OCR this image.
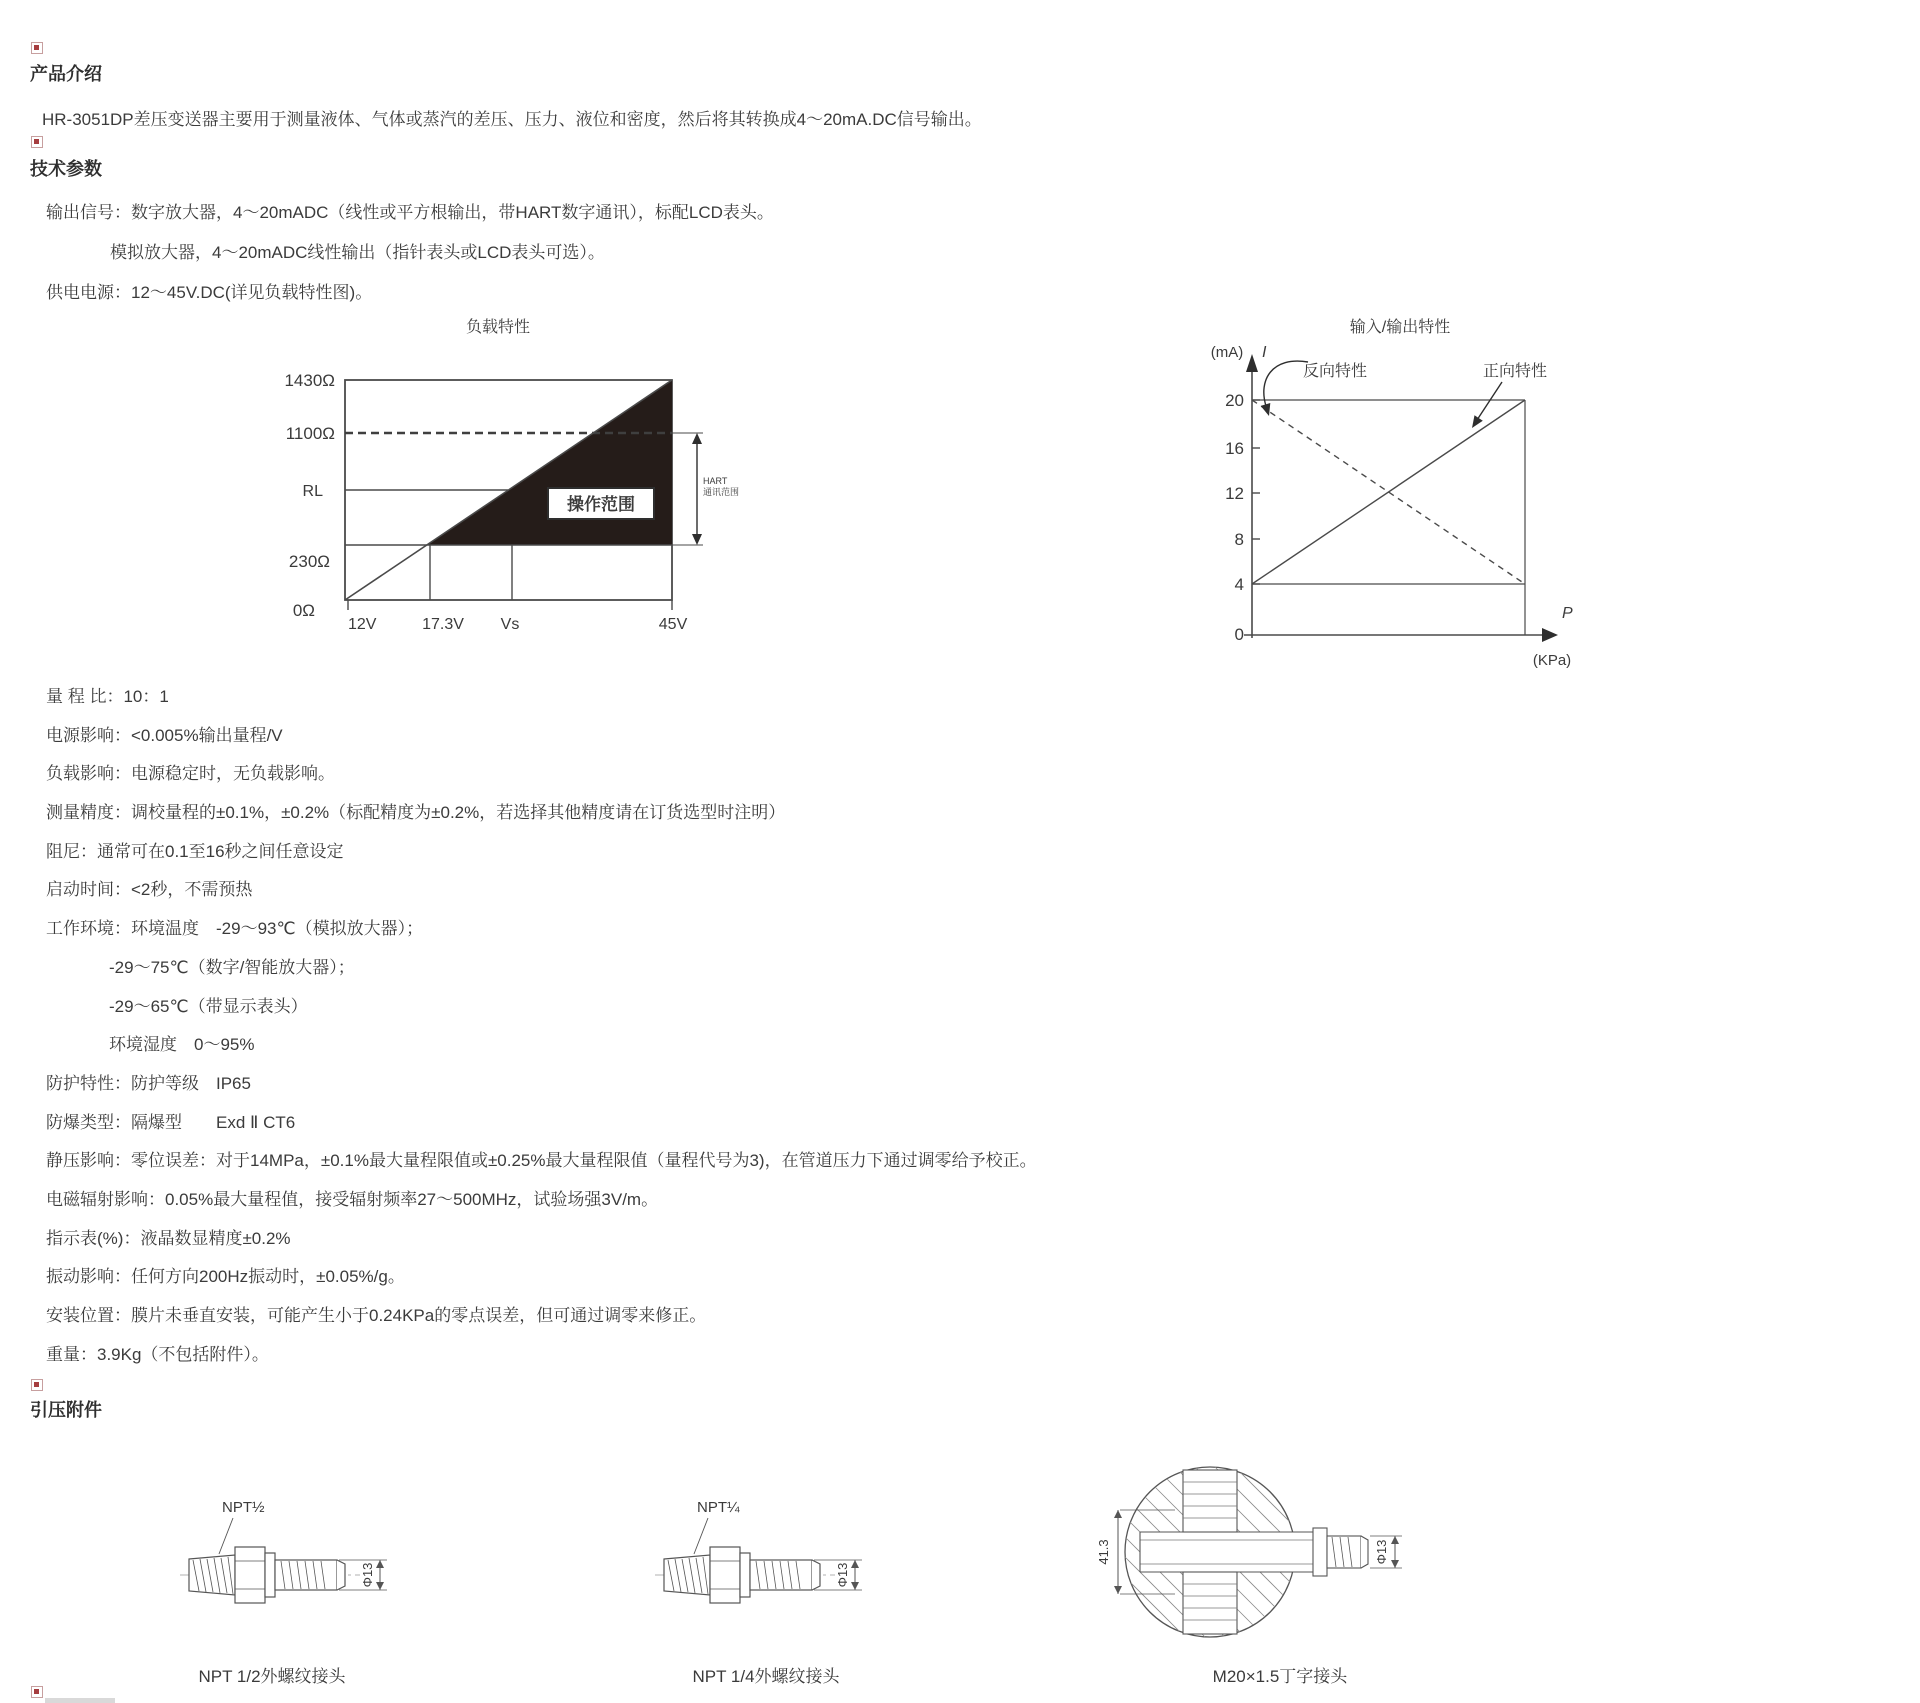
产品介绍
HR-3051DP差压变送器主要用于测量液体、气体或蒸汽的差压、压力、液位和密度，然后将其转换成4～20mA.DC信号输出。
技术参数
输出信号：数字放大器，4～20mADC（线性或平方根输出，带HART数字通讯），标配LCD表头。
模拟放大器，4～20mADC线性输出（指针表头或LCD表头可选）。
供电电源：12～45V.DC(详见负载特性图)。
负载特性
操作范围
HART
通讯范围
1430Ω
1100Ω
RL
230Ω
0Ω
12V	17.3V Vs	45V
输入/输出特性
20
16
12
8
4
0
(mA) I
P
(KPa)
反向特性	正向特性
量 程 比：10：1
电源影响：<0.005%输出量程/V
负载影响：电源稳定时，无负载影响。
测量精度：调校量程的±0.1%，±0.2%（标配精度为±0.2%，若选择其他精度请在订货选型时注明）
阻尼：通常可在0.1至16秒之间任意设定
启动时间：<2秒，不需预热
工作环境：环境温度　-29～93℃（模拟放大器）；
-29～75℃（数字/智能放大器）；
-29～65℃（带显示表头）
环境湿度　0～95%
防护特性：防护等级　IP65
防爆类型：隔爆型　　Exd Ⅱ CT6
静压影响：零位误差：对于14MPa，±0.1%最大量程限值或±0.25%最大量程限值（量程代号为3)，在管道压力下通过调零给予校正。
电磁辐射影响：0.05%最大量程值，接受辐射频率27～500MHz，试验场强3V/m。
指示表(%)：液晶数显精度±0.2%
振动影响：任何方向200Hz振动时，±0.05%/g。
安装位置：膜片未垂直安装，可能产生小于0.24KPa的零点误差，但可通过调零来修正。
重量：3.9Kg（不包括附件）。
引压附件
NPT½
Φ13
NPT¼
Φ13
41.3	Φ13
NPT 1/2外螺纹接头	NPT 1/4外螺纹接头	M20×1.5丁字接头
